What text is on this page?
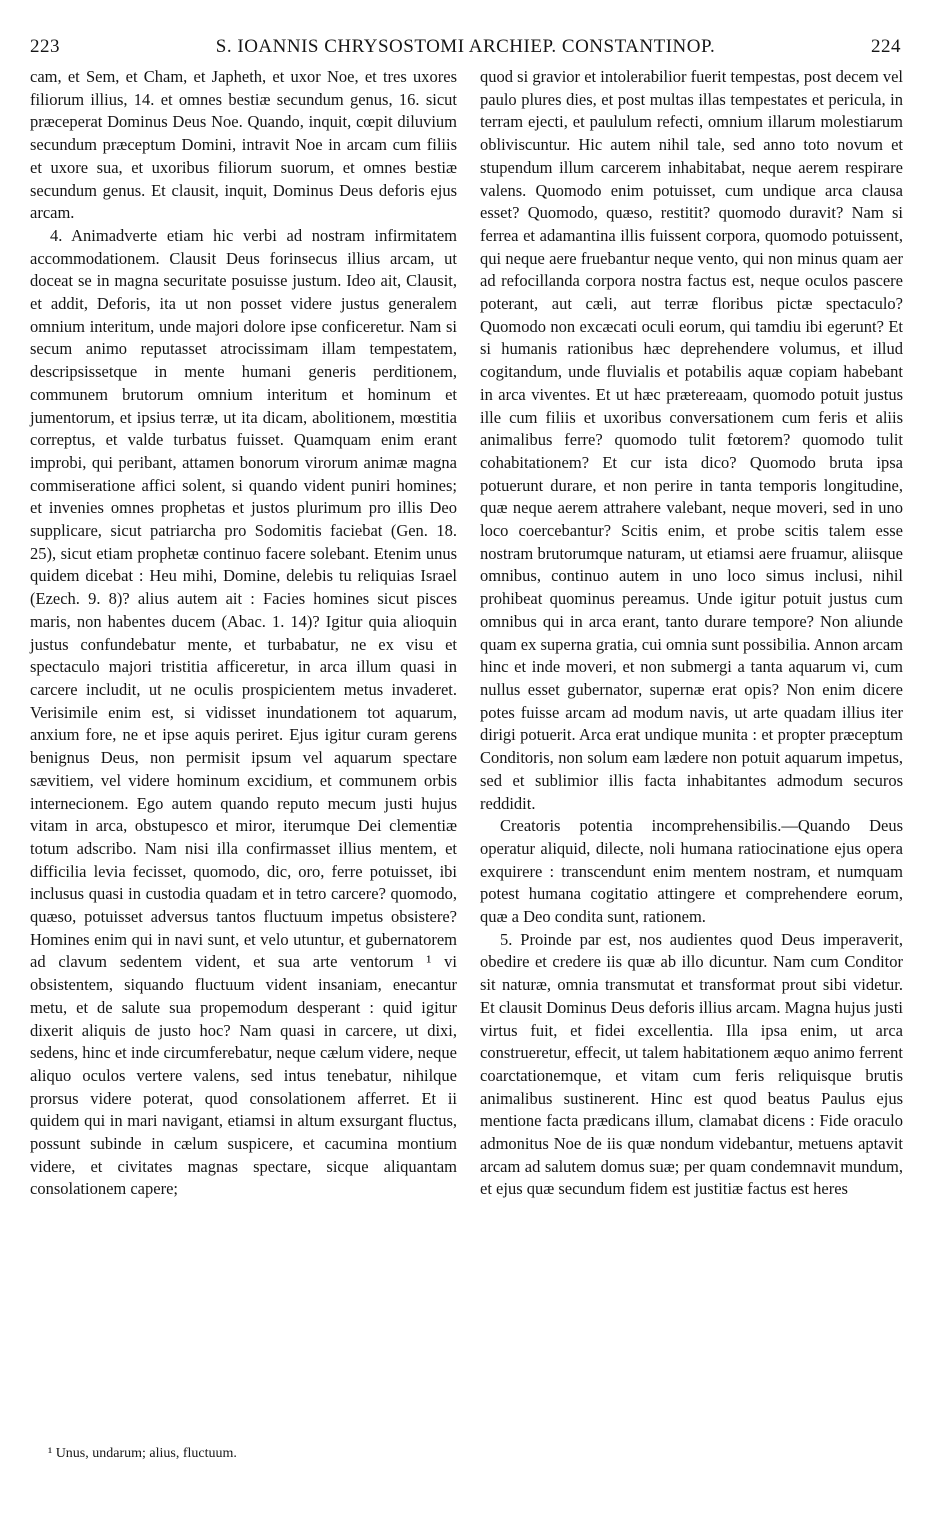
223	S. IOANNIS CHRYSOSTOMI ARCHIEP. CONSTANTINOP.	224

cam, et Sem, et Cham, et Japheth, et uxor Noe, et tres uxores filiorum illius, 14. et omnes bestiæ secundum genus, 16. sicut præceperat Dominus Deus Noe. Quando, inquit, cœpit diluvium secundum præceptum Domini, intravit Noe in arcam cum filiis et uxore sua, et uxoribus filiorum suorum, et omnes bestiæ secundum genus. Et clausit, inquit, Dominus Deus deforis ejus arcam.

4. Animadverte etiam hic verbi ad nostram infirmitatem accommodationem. Clausit Deus forinsecus illius arcam, ut doceat se in magna securitate posuisse justum. Ideo ait, Clausit, et addit, Deforis, ita ut non posset videre justus generalem omnium interitum, unde majori dolore ipse conficeretur. Nam si secum animo reputasset atrocissimam illam tempestatem, descripsissetque in mente humani generis perditionem, communem brutorum omnium interitum et hominum et jumentorum, et ipsius terræ, ut ita dicam, abolitionem, mœstitia correptus, et valde turbatus fuisset. Quamquam enim erant improbi, qui peribant, attamen bonorum virorum animæ magna commiseratione affici solent, si quando vident puniri homines; et invenies omnes prophetas et justos plurimum pro illis Deo supplicare, sicut patriarcha pro Sodomitis faciebat (Gen. 18. 25), sicut etiam prophetæ continuo facere solebant. Etenim unus quidem dicebat : Heu mihi, Domine, delebis tu reliquias Israel (Ezech. 9. 8)? alius autem ait : Facies homines sicut pisces maris, non habentes ducem (Abac. 1. 14)? Igitur quia alioquin justus confundebatur mente, et turbabatur, ne ex visu et spectaculo majori tristitia afficeretur, in arca illum quasi in carcere includit, ut ne oculis prospicientem metus invaderet. Verisimile enim est, si vidisset inundationem tot aquarum, anxium fore, ne et ipse aquis periret. Ejus igitur curam gerens benignus Deus, non permisit ipsum vel aquarum spectare sævitiem, vel videre hominum excidium, et communem orbis internecionem. Ego autem quando reputo mecum justi hujus vitam in arca, obstupesco et miror, iterumque Dei clementiæ totum adscribo. Nam nisi illa confirmasset illius mentem, et difficilia levia fecisset, quomodo, dic, oro, ferre potuisset, ibi inclusus quasi in custodia quadam et in tetro carcere? quomodo, quæso, potuisset adversus tantos fluctuum impetus obsistere? Homines enim qui in navi sunt, et velo utuntur, et gubernatorem ad clavum sedentem vident, et sua arte ventorum ¹ vi obsistentem, siquando fluctuum vident insaniam, enecantur metu, et de salute sua propemodum desperant : quid igitur dixerit aliquis de justo hoc? Nam quasi in carcere, ut dixi, sedens, hinc et inde circumferebatur, neque cælum videre, neque aliquo oculos vertere valens, sed intus tenebatur, nihilque prorsus videre poterat, quod consolationem afferret. Et ii quidem qui in mari navigant, etiamsi in altum exsurgant fluctus, possunt subinde in cælum suspicere, et cacumina montium videre, et civitates magnas spectare, sicque aliquantam consolationem capere;

quod si gravior et intolerabilior fuerit tempestas, post decem vel paulo plures dies, et post multas illas tempestates et pericula, in terram ejecti, et paululum refecti, omnium illarum molestiarum obliviscuntur. Hic autem nihil tale, sed anno toto novum et stupendum illum carcerem inhabitabat, neque aerem respirare valens. Quomodo enim potuisset, cum undique arca clausa esset? Quomodo, quæso, restitit? quomodo duravit? Nam si ferrea et adamantina illis fuissent corpora, quomodo potuissent, qui neque aere fruebantur neque vento, qui non minus quam aer ad refocillanda corpora nostra factus est, neque oculos pascere poterant, aut cæli, aut terræ floribus pictæ spectaculo? Quomodo non excæcati oculi eorum, qui tamdiu ibi egerunt? Et si humanis rationibus hæc deprehendere volumus, et illud cogitandum, unde fluvialis et potabilis aquæ copiam habebant in arca viventes. Et ut hæc prætereaam, quomodo potuit justus ille cum filiis et uxoribus conversationem cum feris et aliis animalibus ferre? quomodo tulit fœtorem? quomodo tulit cohabitationem? Et cur ista dico? Quomodo bruta ipsa potuerunt durare, et non perire in tanta temporis longitudine, quæ neque aerem attrahere valebant, neque moveri, sed in uno loco coercebantur? Scitis enim, et probe scitis talem esse nostram brutorumque naturam, ut etiamsi aere fruamur, aliisque omnibus, continuo autem in uno loco simus inclusi, nihil prohibeat quominus pereamus. Unde igitur potuit justus cum omnibus qui in arca erant, tanto durare tempore? Non aliunde quam ex superna gratia, cui omnia sunt possibilia. Annon arcam hinc et inde moveri, et non submergi a tanta aquarum vi, cum nullus esset gubernator, supernæ erat opis? Non enim dicere potes fuisse arcam ad modum navis, ut arte quadam illius iter dirigi potuerit. Arca erat undique munita : et propter præceptum Conditoris, non solum eam lædere non potuit aquarum impetus, sed et sublimior illis facta inhabitantes admodum securos reddidit.

Creatoris potentia incomprehensibilis.—Quando Deus operatur aliquid, dilecte, noli humana ratiocinatione ejus opera exquirere : transcendunt enim mentem nostram, et numquam potest humana cogitatio attingere et comprehendere eorum, quæ a Deo condita sunt, rationem.

5. Proinde par est, nos audientes quod Deus imperaverit, obedire et credere iis quæ ab illo dicuntur. Nam cum Conditor sit naturæ, omnia transmutat et transformat prout sibi videtur. Et clausit Dominus Deus deforis illius arcam. Magna hujus justi virtus fuit, et fidei excellentia. Illa ipsa enim, ut arca construeretur, effecit, ut talem habitationem æquo animo ferrent coarctationemque, et vitam cum feris reliquisque brutis animalibus sustinerent. Hinc est quod beatus Paulus ejus mentione facta prædicans illum, clamabat dicens : Fide oraculo admonitus Noe de iis quæ nondum videbantur, metuens aptavit arcam ad salutem domus suæ; per quam condemnavit mundum, et ejus quæ secundum fidem est justitiæ factus est heres

¹ Unus, undarum; alius, fluctuum.
